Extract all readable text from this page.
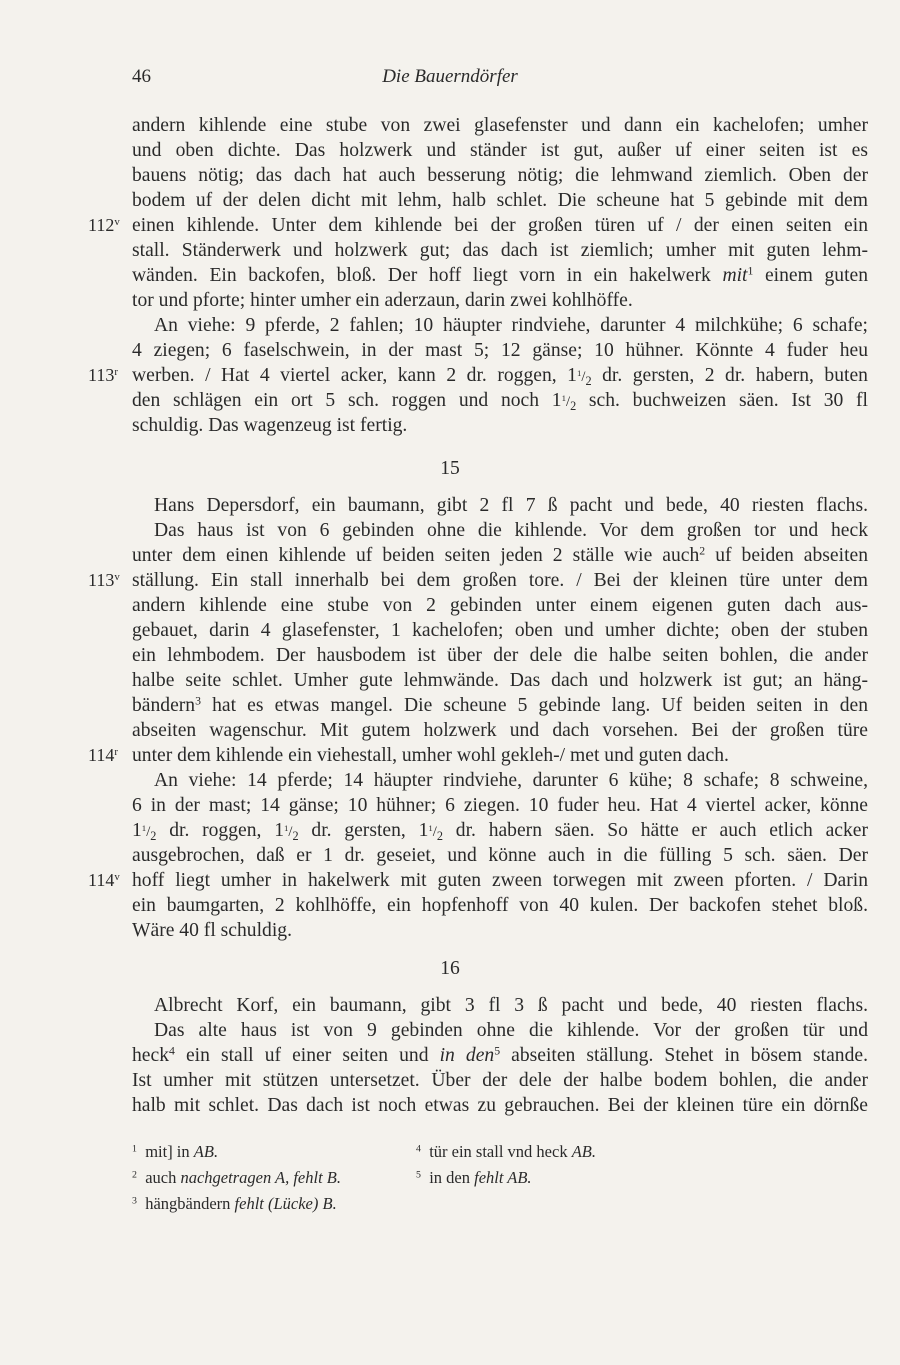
46	Die Bauerndörfer
112$^v$
113$^r$
113$^v$
114$^r$
114$^v$
andern kihlende eine stube von zwei glasefenster und dann ein kachelofen; umher
und oben dichte. Das holzwerk und ständer ist gut, außer uf einer seiten ist es
bauens nötig; das dach hat auch besserung nötig; die lehmwand ziemlich. Oben der
bodem uf der delen dicht mit lehm, halb schlet. Die scheune hat 5 gebinde mit dem
einen kihlende. Unter dem kihlende bei der großen türen uf / der einen seiten ein
stall. Ständerwerk und holzwerk gut; das dach ist ziemlich; umher mit guten lehm-
wänden. Ein backofen, bloß. Der hoff liegt vorn in ein hakelwerk mit$^1$ einem guten
tor und pforte; hinter umher ein aderzaun, darin zwei kohlhöffe.
An viehe: 9 pferde, 2 fahlen; 10 häupter rindviehe, darunter 4 milchkühe; 6 schafe;
4 ziegen; 6 faselschwein, in der mast 5; 12 gänse; 10 hühner. Könnte 4 fuder heu
werben. / Hat 4 viertel acker, kann 2 dr. roggen, $1^1/_2$ dr. gersten, 2 dr. habern, buten
den schlägen ein ort 5 sch. roggen und noch $1^1/_2$ sch. buchweizen säen. Ist 30 fl
schuldig. Das wagenzeug ist fertig.
15
Hans Depersdorf, ein baumann, gibt 2 fl 7 ß pacht und bede, 40 riesten flachs.
Das haus ist von 6 gebinden ohne die kihlende. Vor dem großen tor und heck
unter dem einen kihlende uf beiden seiten jeden 2 ställe wie auch$^2$ uf beiden abseiten
ställung. Ein stall innerhalb bei dem großen tore. / Bei der kleinen türe unter dem
andern kihlende eine stube von 2 gebinden unter einem eigenen guten dach aus-
gebauet, darin 4 glasefenster, 1 kachelofen; oben und umher dichte; oben der stuben
ein lehmbodem. Der hausbodem ist über der dele die halbe seiten bohlen, die ander
halbe seite schlet. Umher gute lehmwände. Das dach und holzwerk ist gut; an häng-
bändern$^3$ hat es etwas mangel. Die scheune 5 gebinde lang. Uf beiden seiten in den
abseiten wagenschur. Mit gutem holzwerk und dach vorsehen. Bei der großen türe
unter dem kihlende ein viehestall, umher wohl gekleh-/ met und guten dach.
An viehe: 14 pferde; 14 häupter rindviehe, darunter 6 kühe; 8 schafe; 8 schweine,
6 in der mast; 14 gänse; 10 hühner; 6 ziegen. 10 fuder heu. Hat 4 viertel acker, könne
$1^1/_2$ dr. roggen, $1^1/_2$ dr. gersten, $1^1/_2$ dr. habern säen. So hätte er auch etlich acker
ausgebrochen, daß er 1 dr. geseiet, und könne auch in die fülling 5 sch. säen. Der
hoff liegt umher in hakelwerk mit guten zween torwegen mit zween pforten. / Darin
ein baumgarten, 2 kohlhöffe, ein hopfenhoff von 40 kulen. Der backofen stehet bloß.
Wäre 40 fl schuldig.
16
Albrecht Korf, ein baumann, gibt 3 fl 3 ß pacht und bede, 40 riesten flachs.
Das alte haus ist von 9 gebinden ohne die kihlende. Vor der großen tür und
heck$^4$ ein stall uf einer seiten und in den$^5$ abseiten ställung. Stehet in bösem stande.
Ist umher mit stützen untersetzet. Über der dele der halbe bodem bohlen, die ander
halb mit schlet. Das dach ist noch etwas zu gebrauchen. Bei der kleinen türe ein dörnße
$^1$ mit] in AB.
$^2$ auch nachgetragen A, fehlt B.
$^3$ hängbändern fehlt (Lücke) B.
$^4$ tür ein stall vnd heck AB.
$^5$ in den fehlt AB.
